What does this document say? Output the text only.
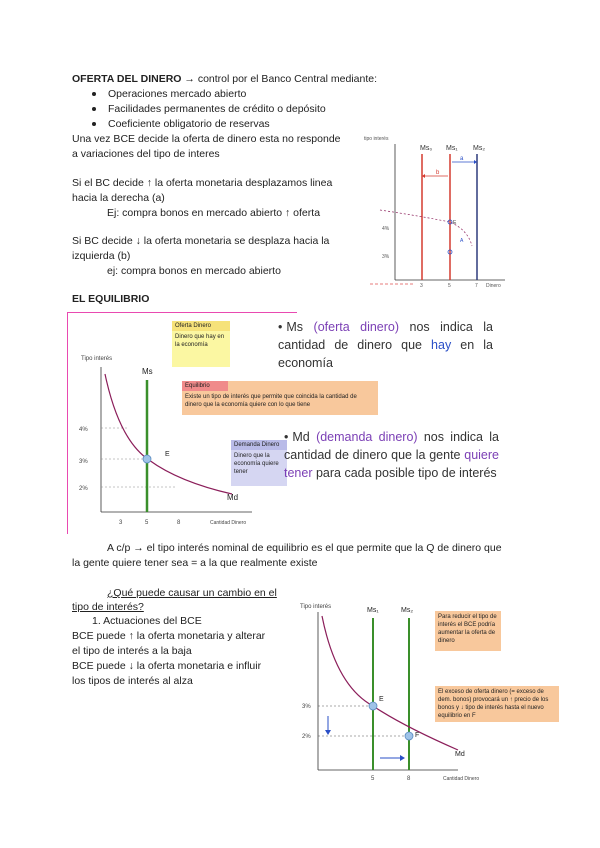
OFERTA DEL DINERO → control por el Banco Central mediante:
Operaciones mercado abierto
Facilidades permanentes de crédito o depósito
Coeficiente obligatorio de reservas
Una vez BCE decide la oferta de dinero esta no responde
a variaciones del tipo de interes
Si el BC decide ↑ la oferta monetaria desplazamos linea
hacia la derecha (a)
Ej: compra bonos en mercado abierto ↑ oferta
Si BC decide ↓ la oferta monetaria se desplaza hacia la
izquierda (b)
ej: compra bonos en mercado abierto
tipo interés
Ms₀ Ms₁ Ms₂
a
b
4%
3%
E
A
3	5	7 Dinero
EL EQUILIBRIO
Tipo interés
4%
3%
2%
Ms
E
Md
3	5	8	Cantidad Dinero
Oferta Dinero
Dinero que hay en la economía
Equilibrio
Existe un tipo de interés que permite que coincida la cantidad de dinero que la economía quiere con lo que tiene
Demanda Dinero
Dinero que la economía quiere tener
• Ms (oferta dinero) nos indica la cantidad de dinero que hay en la economía
• Md (demanda dinero) nos indica la cantidad de dinero que la gente quiere tener para cada posible tipo de interés
A c/p → el tipo interés nominal de equilibrio es el que permite que la Q de dinero que
la gente quiere tener sea = a la que realmente existe
¿Qué puede causar un cambio en el
tipo de interés?
1. Actuaciones del BCE
BCE puede ↑ la oferta monetaria y alterar
el tipo de interés a la baja
BCE puede ↓ la oferta monetaria e influir
los tipos de interés al alza
Tipo interés	Ms₁	Ms₂
3%
2%
E
F
Md
5	8	Cantidad Dinero
Para reducir el tipo de interés el BCE podría aumentar la oferta de dinero
El exceso de oferta dinero (= exceso de dem. bonos) provocará un ↑ precio de los bonos y ↓ tipo de interés hasta el nuevo equilibrio en F
